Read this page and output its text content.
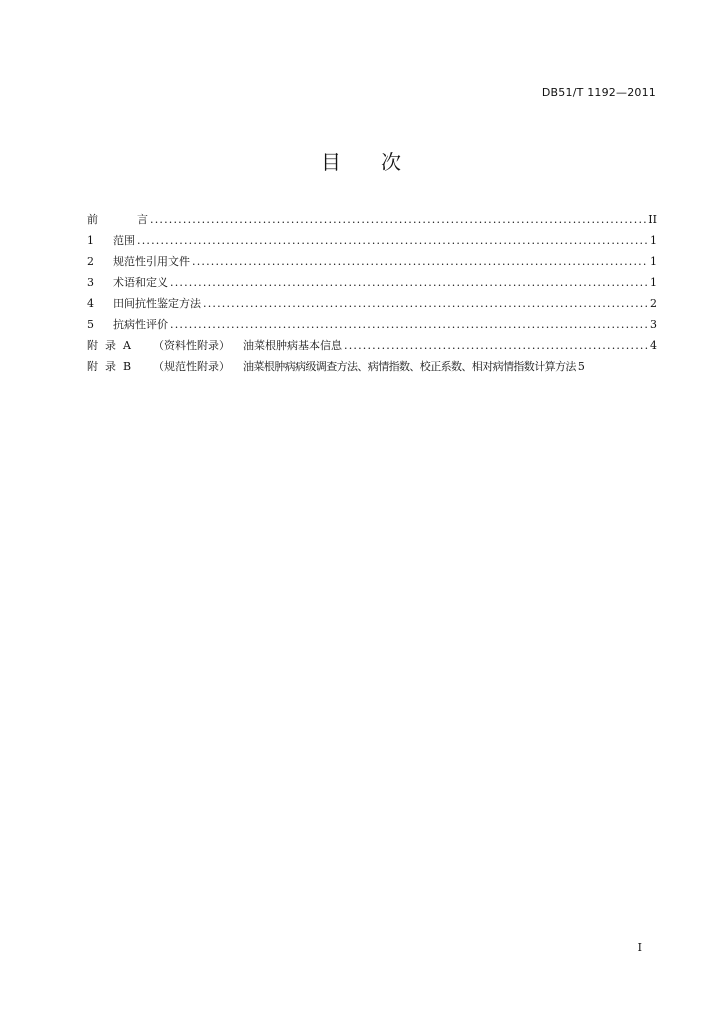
DB51/T 1192—2011
目 次
前	言 .....	II
1	范围 .....	1
2	规范性引用文件 .....	1
3	术语和定义 .....	1
4	田间抗性鉴定方法 .....	2
5	抗病性评价 .....	3
附  录  A	（资料性附录）	油菜根肿病基本信息 .....	4
附  录  B	（规范性附录）	油菜根肿病病级调查方法、病情指数、校正系数、相对病情指数计算方法 5
I
